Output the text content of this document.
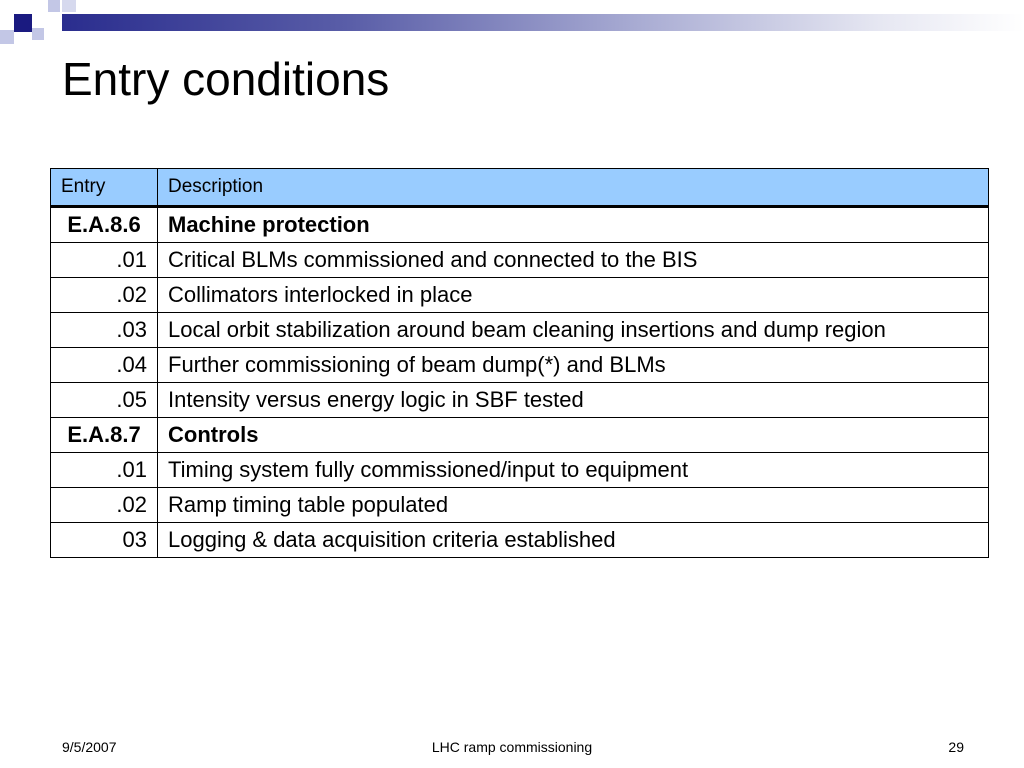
Entry conditions
Entry	Description
E.A.8.6	Machine protection
.01	Critical BLMs commissioned and connected to the BIS
.02	Collimators interlocked in place
.03	Local orbit stabilization around beam cleaning insertions and dump region
.04	Further commissioning of beam dump(*) and BLMs
.05	Intensity versus energy logic in SBF tested
E.A.8.7	Controls
.01	Timing system fully commissioned/input to equipment
.02	Ramp timing table populated
03	Logging & data acquisition criteria established
9/5/2007	LHC ramp commissioning	29
